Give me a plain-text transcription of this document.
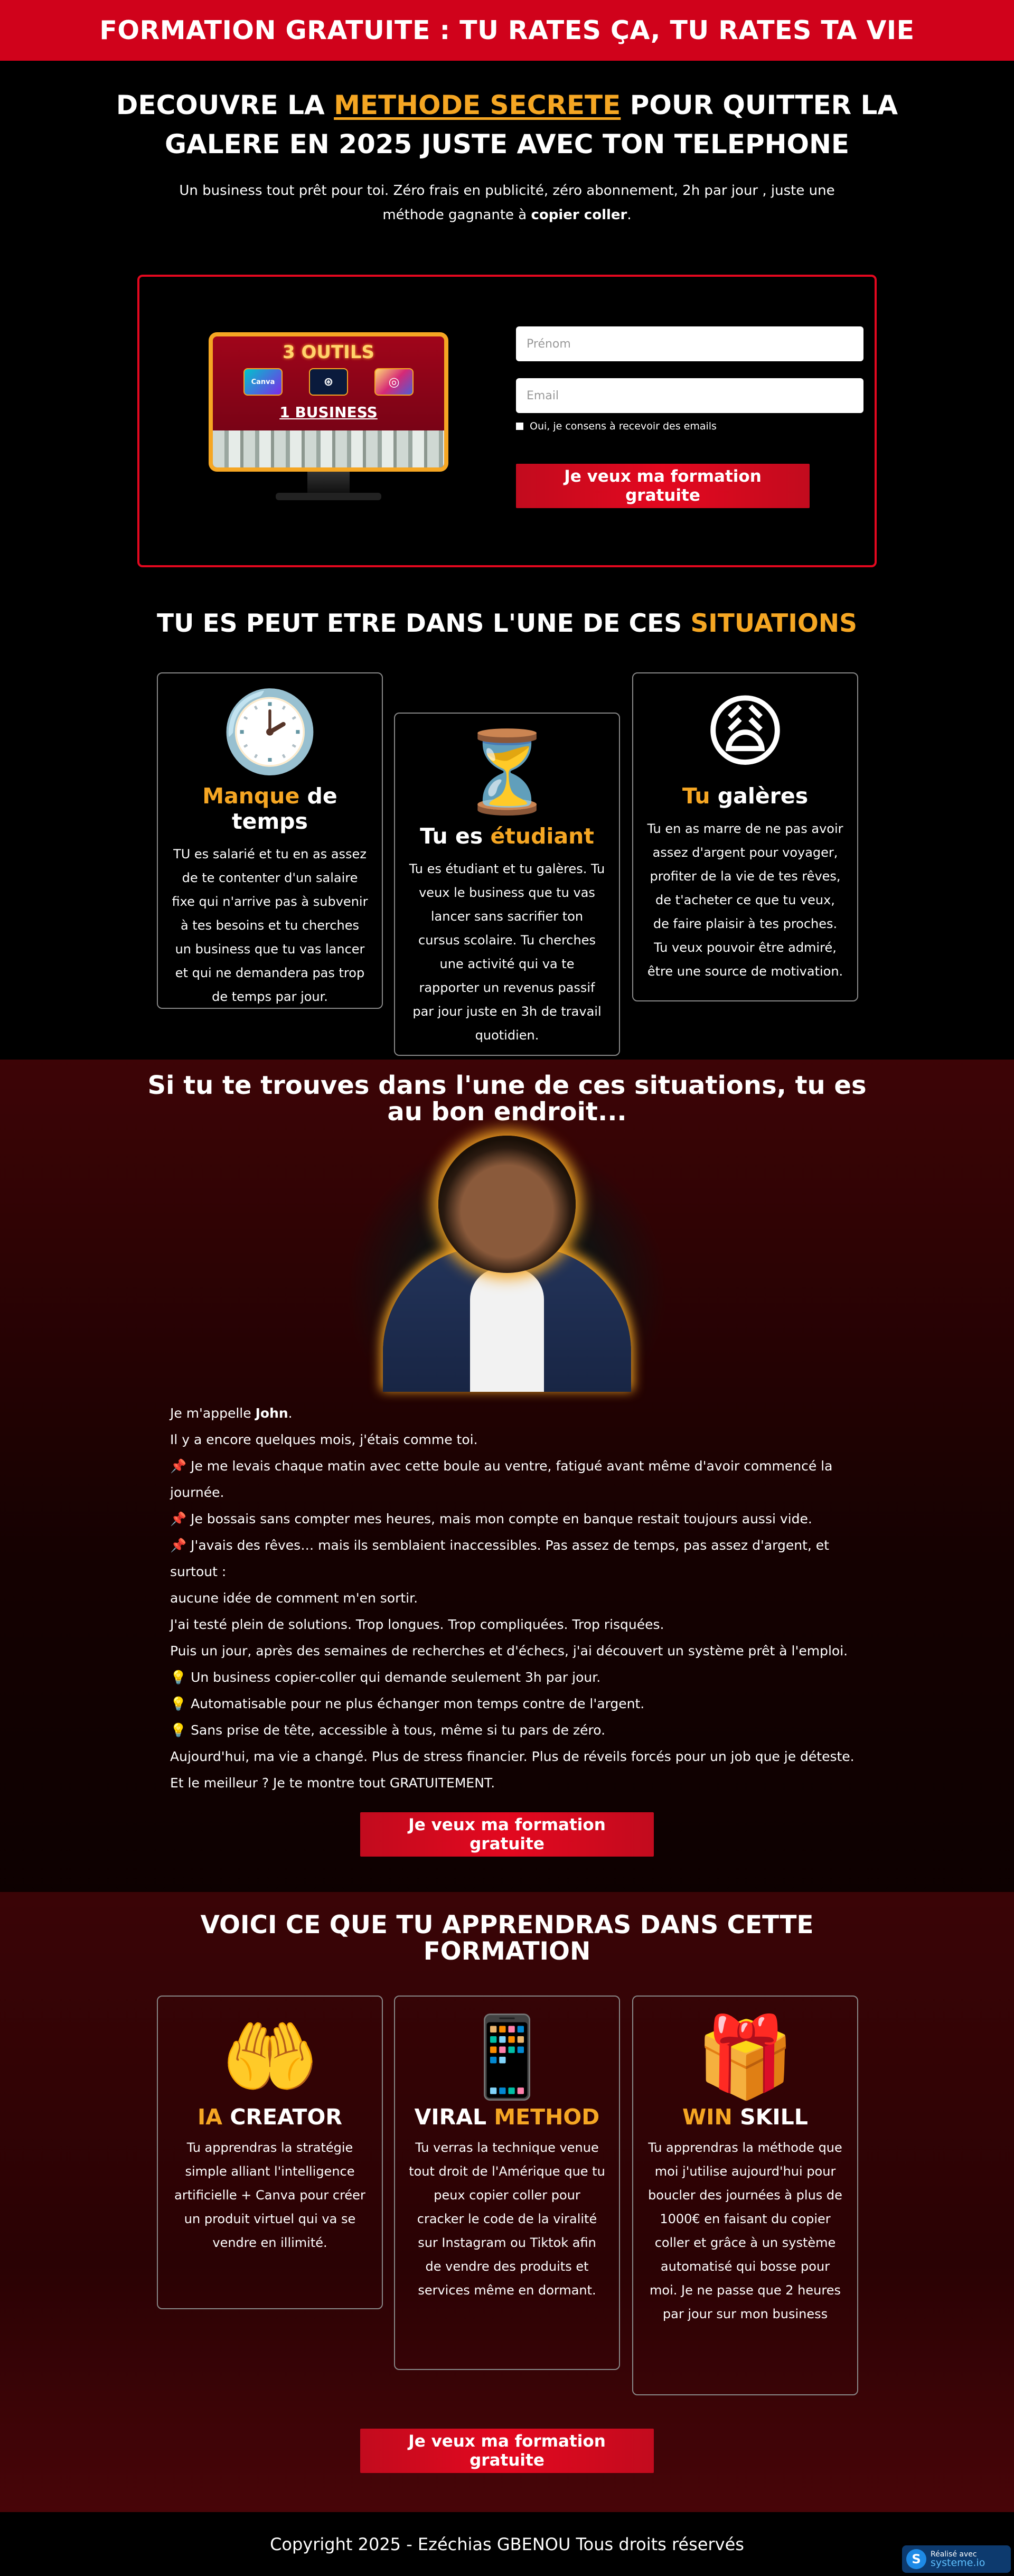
FORMATION GRATUITE : TU RATES ÇA, TU RATES TA VIE
DECOUVRE LA METHODE SECRETE POUR QUITTER LA
GALERE EN 2025 JUSTE AVEC TON TELEPHONE

Un business tout prêt pour toi. Zéro frais en publicité, zéro abonnement, 2h par jour , juste une
méthode gagnante à copier coller.

3 OUTILS
Canva	⊛	◎
1 BUSINESS
Prénom Email
Oui, je consens à recevoir des emails
Je veux ma formation gratuite
TU ES PEUT ETRE DANS L'UNE DE CES SITUATIONS
🕑
Manque de temps

TU es salarié et tu en as assez de te contenter d'un salaire fixe qui n'arrive pas à subvenir à tes besoins et tu cherches un business que tu vas lancer et qui ne demandera pas trop de temps par jour.

⏳
Tu es étudiant

Tu es étudiant et tu galères. Tu veux le business que tu vas lancer sans sacrifier ton cursus scolaire. Tu cherches une activité qui va te rapporter un revenus passif par jour juste en 3h de travail quotidien.

😩
Tu galères

Tu en as marre de ne pas avoir assez d'argent pour voyager, profiter de la vie de tes rêves, de t'acheter ce que tu veux, de faire plaisir à tes proches. Tu veux pouvoir être admiré, être une source de motivation.

Si tu te trouves dans l'une de ces situations, tu es au bon endroit...
Je m'appelle John.
Il y a encore quelques mois, j'étais comme toi.
📌 Je me levais chaque matin avec cette boule au ventre, fatigué avant même d'avoir commencé la journée.
📌 Je bossais sans compter mes heures, mais mon compte en banque restait toujours aussi vide.
📌 J'avais des rêves… mais ils semblaient inaccessibles. Pas assez de temps, pas assez d'argent, et surtout :
aucune idée de comment m'en sortir.
J'ai testé plein de solutions. Trop longues. Trop compliquées. Trop risquées.
Puis un jour, après des semaines de recherches et d'échecs, j'ai découvert un système prêt à l'emploi.
💡 Un business copier-coller qui demande seulement 3h par jour.
💡 Automatisable pour ne plus échanger mon temps contre de l'argent.
💡 Sans prise de tête, accessible à tous, même si tu pars de zéro.
Aujourd'hui, ma vie a changé. Plus de stress financier. Plus de réveils forcés pour un job que je déteste.
Et le meilleur ? Je te montre tout GRATUITEMENT.
Je veux ma formation gratuite
VOICI CE QUE TU APPRENDRAS DANS CETTE FORMATION
🤲
IA CREATOR

Tu apprendras la stratégie simple alliant l'intelligence artificielle + Canva pour créer un produit virtuel qui va se vendre en illimité.

📱
VIRAL METHOD

Tu verras la technique venue tout droit de l'Amérique que tu peux copier coller pour cracker le code de la viralité sur Instagram ou Tiktok afin de vendre des produits et services même en dormant.

🎁
WIN SKILL

Tu apprendras la méthode que moi j'utilise aujourd'hui pour boucler des journées à plus de 1000€ en faisant du copier coller et grâce à un système automatisé qui bosse pour moi. Je ne passe que 2 heures par jour sur mon business

Je veux ma formation gratuite
Copyright 2025 - Ezéchias GBENOU Tous droits réservés
S	Réalisé avec
systeme.io
